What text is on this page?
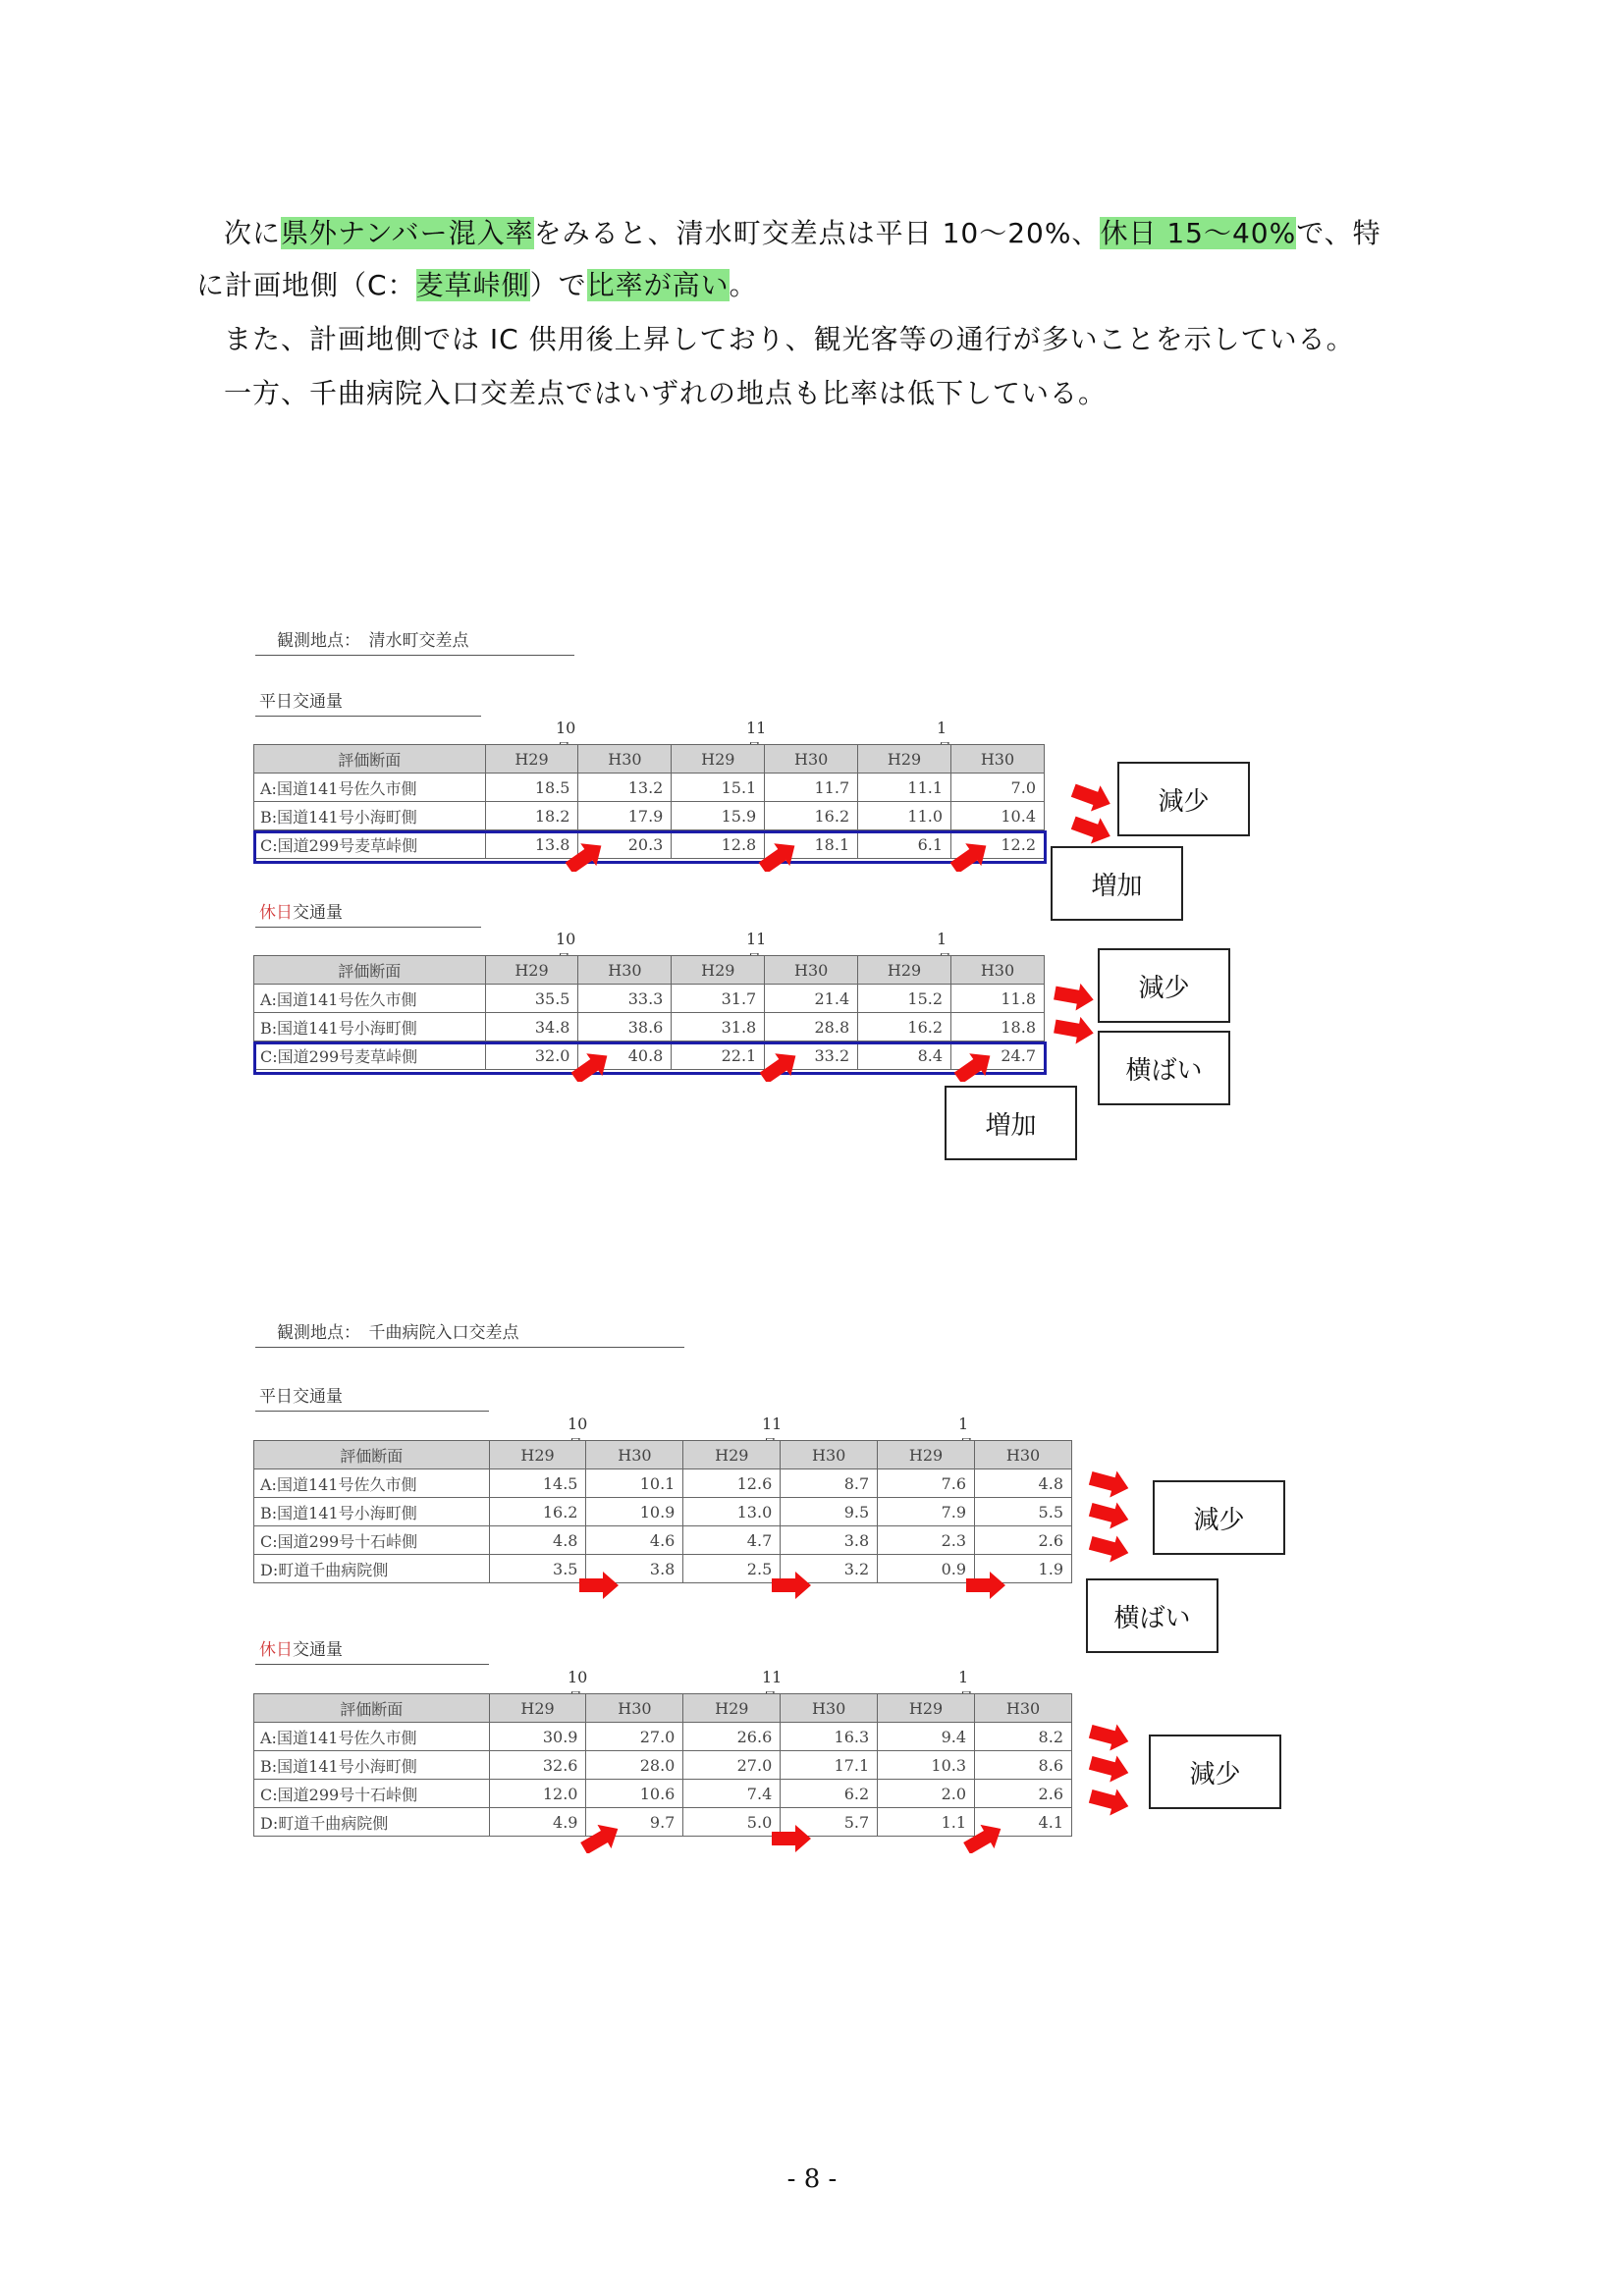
次に県外ナンバー混入率をみると、清水町交差点は平日 10～20%、休日 15～40%で、特
に計画地側（C：麦草峠側）で比率が高い。
また、計画地側では IC 供用後上昇しており、観光客等の通行が多いことを示している。
一方、千曲病院入口交差点ではいずれの地点も比率は低下している。
観測地点：　清水町交差点
平日交通量
10	11	1
評価断面	H29	H30	H29	H30	H29	H30
A:国道141号佐久市側	18.5	13.2	15.1	11.7	11.1	7.0
B:国道141号小海町側	18.2	17.9	15.9	16.2	11.0	10.4
C:国道299号麦草峠側	13.8	20.3	12.8	18.1	6.1	12.2
減少
増加
休日交通量
10	11	1
評価断面	H29	H30	H29	H30	H29	H30
A:国道141号佐久市側	35.5	33.3	31.7	21.4	15.2	11.8
B:国道141号小海町側	34.8	38.6	31.8	28.8	16.2	18.8
C:国道299号麦草峠側	32.0	40.8	22.1	33.2	8.4	24.7
減少
横ばい
増加
観測地点：　千曲病院入口交差点
平日交通量
10	11	1
評価断面	H29	H30	H29	H30	H29	H30
A:国道141号佐久市側	14.5	10.1	12.6	8.7	7.6	4.8
B:国道141号小海町側	16.2	10.9	13.0	9.5	7.9	5.5
C:国道299号十石峠側	4.8	4.6	4.7	3.8	2.3	2.6
D:町道千曲病院側	3.5	3.8	2.5	3.2	0.9	1.9
減少
横ばい
休日交通量
10	11	1
評価断面	H29	H30	H29	H30	H29	H30
A:国道141号佐久市側	30.9	27.0	26.6	16.3	9.4	8.2
B:国道141号小海町側	32.6	28.0	27.0	17.1	10.3	8.6
C:国道299号十石峠側	12.0	10.6	7.4	6.2	2.0	2.6
D:町道千曲病院側	4.9	9.7	5.0	5.7	1.1	4.1
減少
- 8 -
